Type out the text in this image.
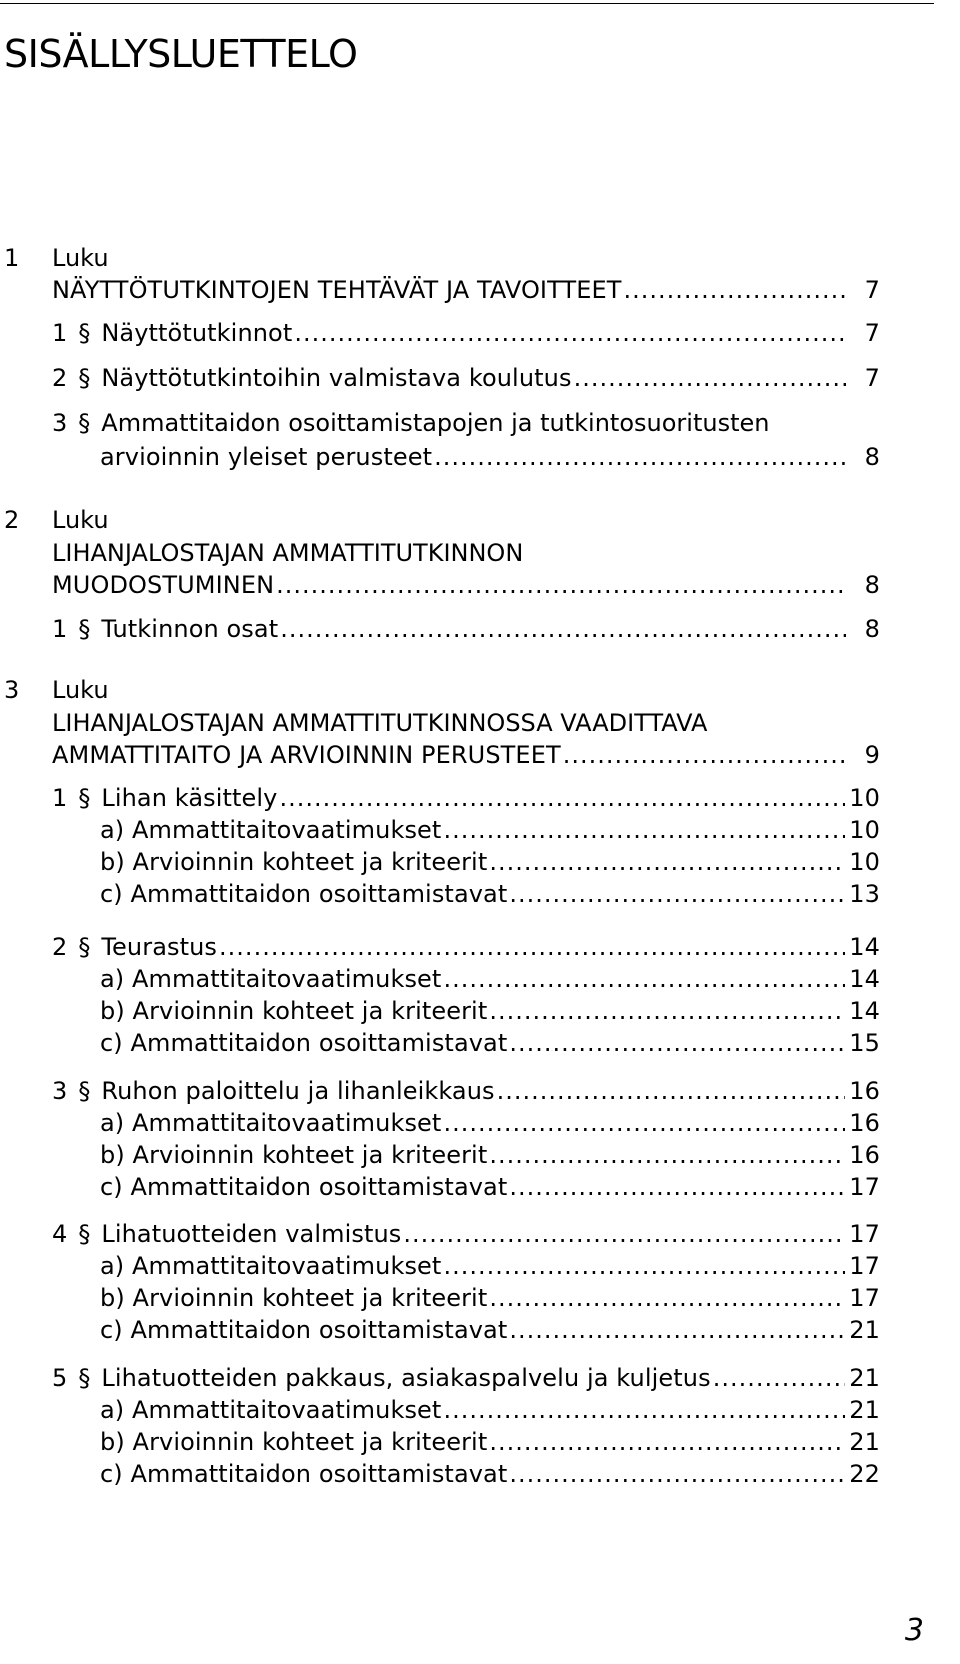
SISÄLLYSLUETTELO
1 Luku
NÄYTTÖTUTKINTOJEN TEHTÄVÄT JA TAVOITTEET .....	7
1 § Näyttötutkinnot .....	7
2 § Näyttötutkintoihin valmistava koulutus .....	7
3 § Ammattitaidon osoittamistapojen ja tutkintosuoritusten
arvioinnin yleiset perusteet .....	8
2 Luku
LIHANJALOSTAJAN AMMATTITUTKINNON
MUODOSTUMINEN .....	8
1 § Tutkinnon osat .....	8
3 Luku
LIHANJALOSTAJAN AMMATTITUTKINNOSSA VAADITTAVA
AMMATTITAITO JA ARVIOINNIN PERUSTEET .....	9
1 § Lihan käsittely .....	10
a) Ammattitaitovaatimukset .....	10
b) Arvioinnin kohteet ja kriteerit .....	10
c) Ammattitaidon osoittamistavat .....	13
2 § Teurastus .....	14
a) Ammattitaitovaatimukset .....	14
b) Arvioinnin kohteet ja kriteerit .....	14
c) Ammattitaidon osoittamistavat .....	15
3 § Ruhon paloittelu ja lihanleikkaus .....	16
a) Ammattitaitovaatimukset .....	16
b) Arvioinnin kohteet ja kriteerit .....	16
c) Ammattitaidon osoittamistavat .....	17
4 § Lihatuotteiden valmistus .....	17
a) Ammattitaitovaatimukset .....	17
b) Arvioinnin kohteet ja kriteerit .....	17
c) Ammattitaidon osoittamistavat .....	21
5 § Lihatuotteiden pakkaus, asiakaspalvelu ja kuljetus .....	21
a) Ammattitaitovaatimukset .....	21
b) Arvioinnin kohteet ja kriteerit .....	21
c) Ammattitaidon osoittamistavat .....	22
3
